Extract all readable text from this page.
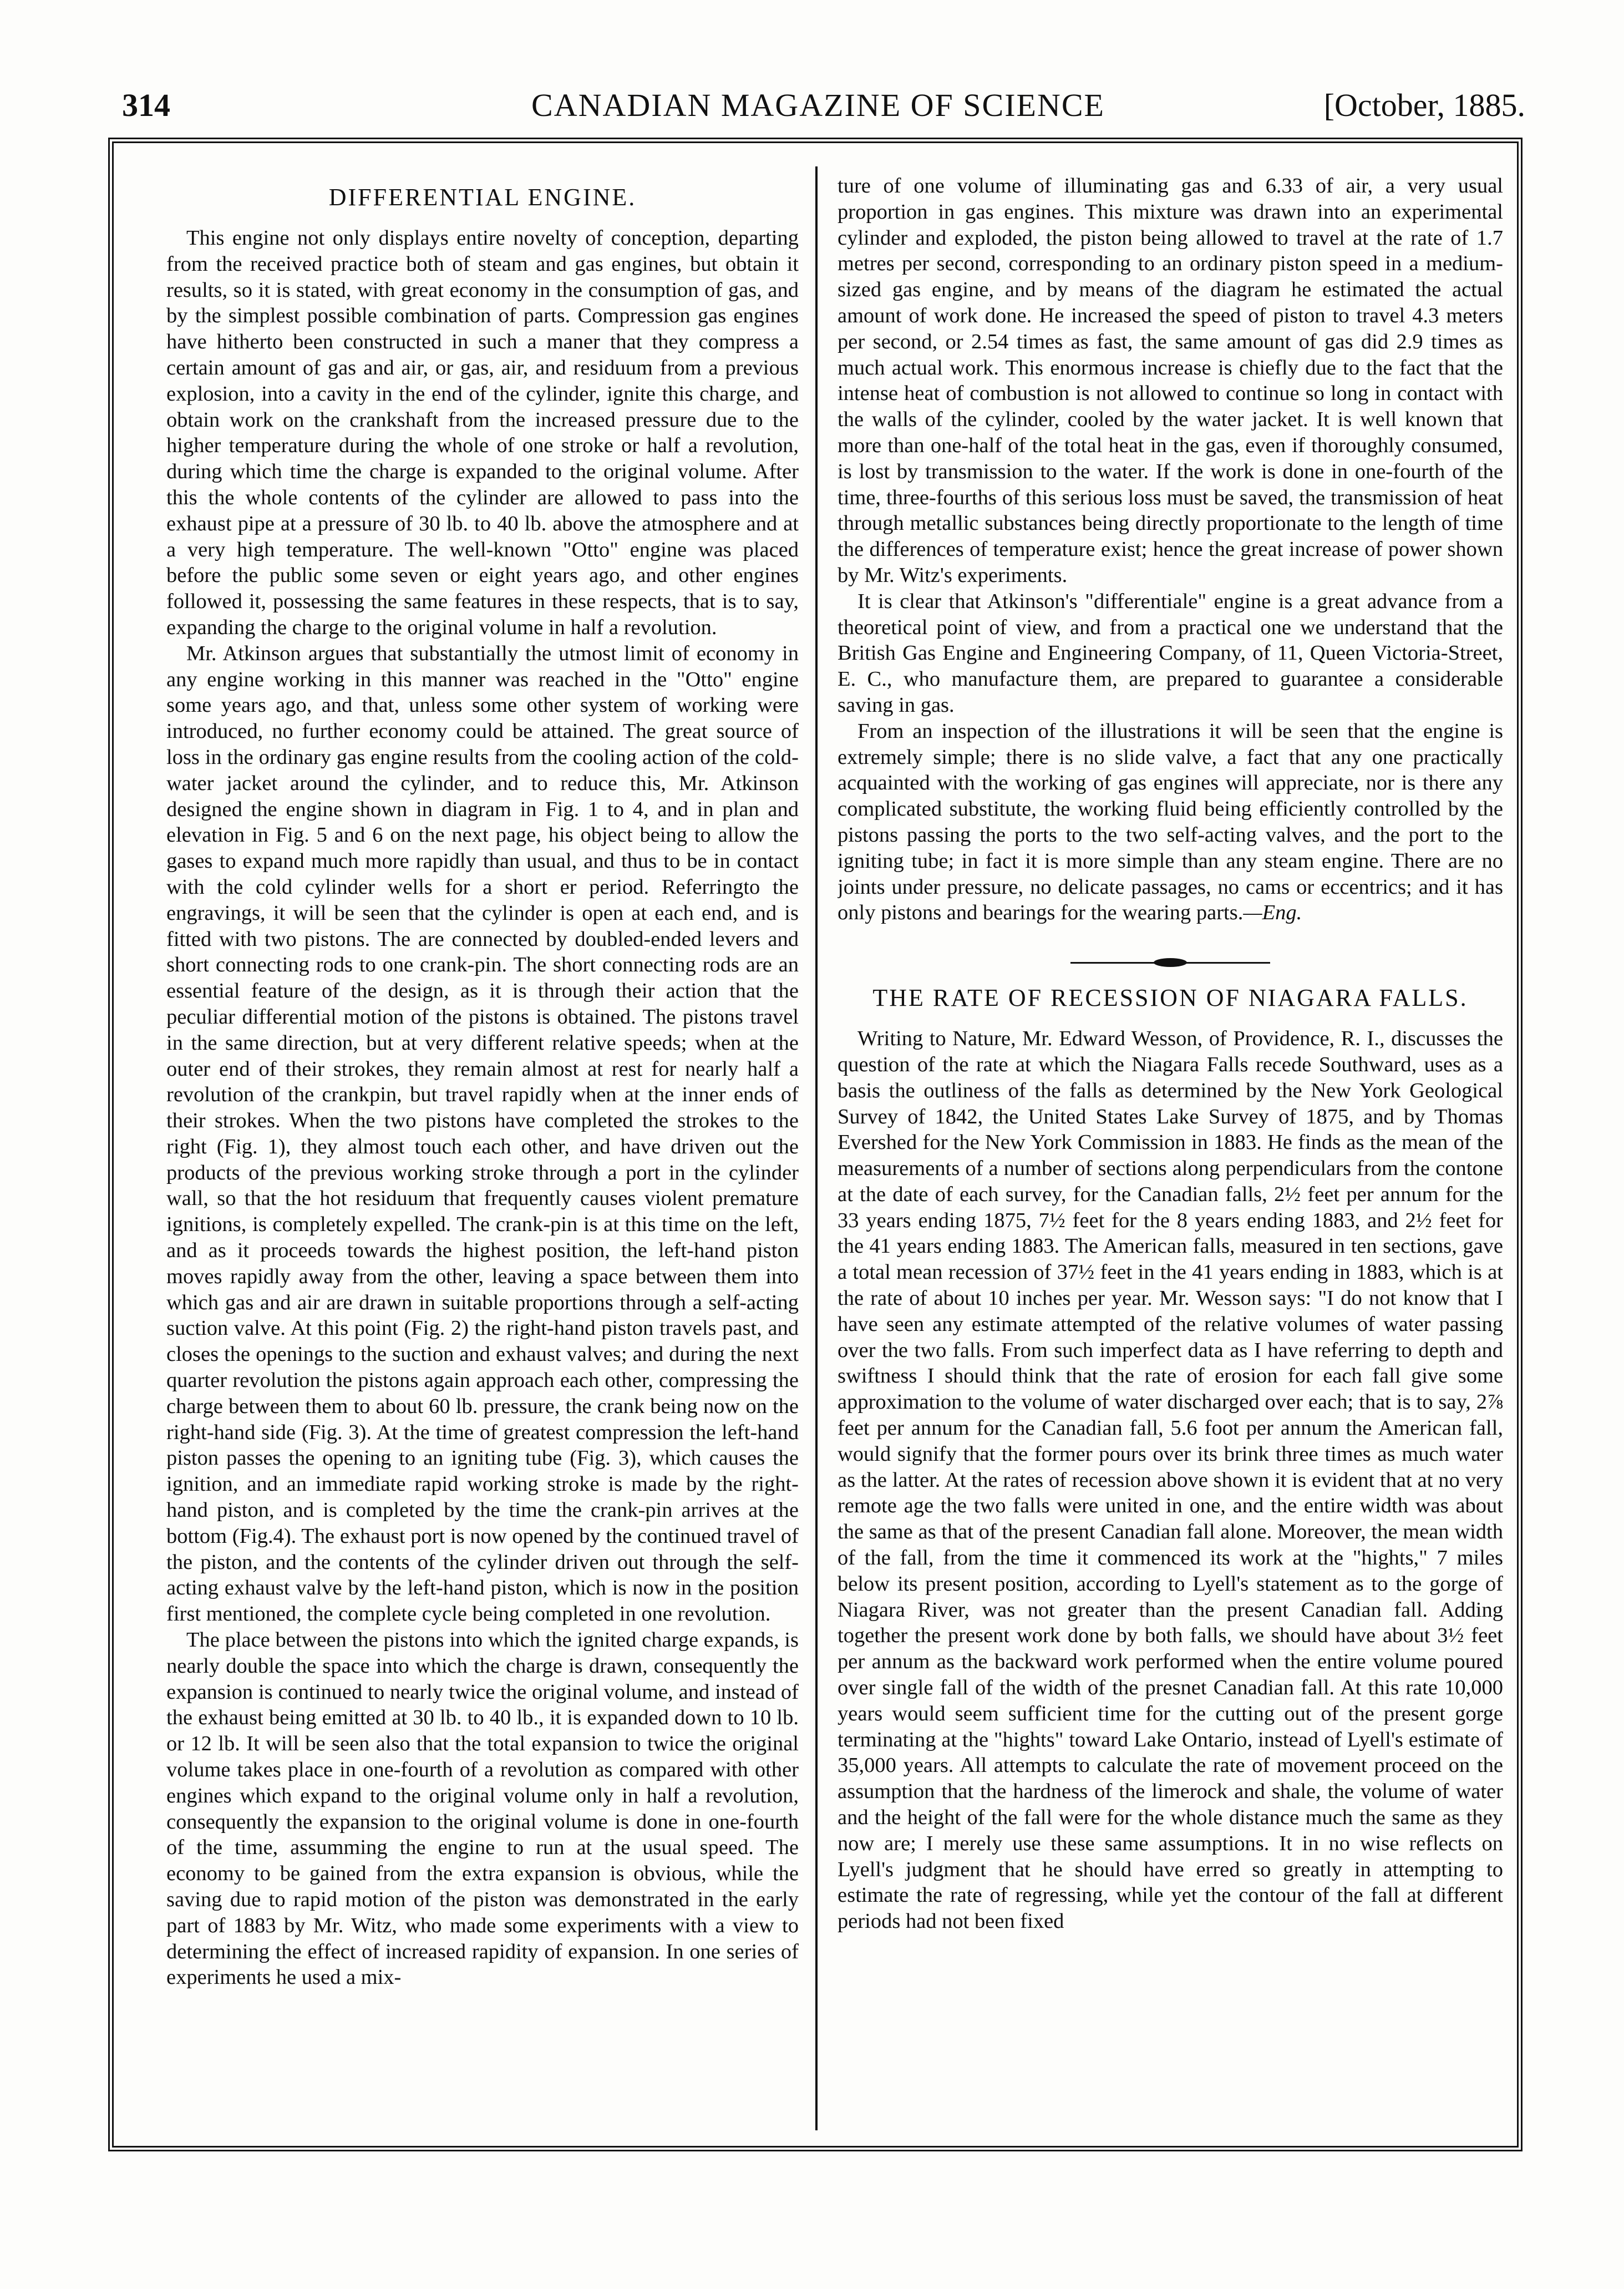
314	CANADIAN MAGAZINE OF SCIENCE	[October, 1885.
DIFFERENTIAL ENGINE.

This engine not only displays entire novelty of conception, departing from the received practice both of steam and gas engines, but obtain it results, so it is stated, with great economy in the consumption of gas, and by the simplest possible combination of parts. Compression gas engines have hitherto been constructed in such a maner that they compress a certain amount of gas and air, or gas, air, and residuum from a previous explosion, into a cavity in the end of the cylinder, ignite this charge, and obtain work on the crankshaft from the increased pressure due to the higher temperature during the whole of one stroke or half a revolution, during which time the charge is expanded to the original volume. After this the whole contents of the cylinder are allowed to pass into the exhaust pipe at a pressure of 30 lb. to 40 lb. above the atmosphere and at a very high temperature. The well-known "Otto" engine was placed before the public some seven or eight years ago, and other engines followed it, possessing the same features in these respects, that is to say, expanding the charge to the original volume in half a revolution.

Mr. Atkinson argues that substantially the utmost limit of economy in any engine working in this manner was reached in the "Otto" engine some years ago, and that, unless some other system of working were introduced, no further economy could be attained. The great source of loss in the ordinary gas engine results from the cooling action of the cold-water jacket around the cylinder, and to reduce this, Mr. Atkinson designed the engine shown in diagram in Fig. 1 to 4, and in plan and elevation in Fig. 5 and 6 on the next page, his object being to allow the gases to expand much more rapidly than usual, and thus to be in contact with the cold cylinder wells for a short er period. Referringto the engravings, it will be seen that the cylinder is open at each end, and is fitted with two pistons. The are connected by doubled-ended levers and short connecting rods to one crank-pin. The short connecting rods are an essential feature of the design, as it is through their action that the peculiar differential motion of the pistons is obtained. The pistons travel in the same direction, but at very different relative speeds; when at the outer end of their strokes, they remain almost at rest for nearly half a revolution of the crankpin, but travel rapidly when at the inner ends of their strokes. When the two pistons have completed the strokes to the right (Fig. 1), they almost touch each other, and have driven out the products of the previous working stroke through a port in the cylinder wall, so that the hot residuum that frequently causes violent premature ignitions, is completely expelled. The crank-pin is at this time on the left, and as it proceeds towards the highest position, the left-hand piston moves rapidly away from the other, leaving a space between them into which gas and air are drawn in suitable proportions through a self-acting suction valve. At this point (Fig. 2) the right-hand piston travels past, and closes the openings to the suction and exhaust valves; and during the next quarter revolution the pistons again approach each other, compressing the charge between them to about 60 lb. pressure, the crank being now on the right-hand side (Fig. 3). At the time of greatest compression the left-hand piston passes the opening to an igniting tube (Fig. 3), which causes the ignition, and an immediate rapid working stroke is made by the right-hand piston, and is completed by the time the crank-pin arrives at the bottom (Fig.4). The exhaust port is now opened by the continued travel of the piston, and the contents of the cylinder driven out through the self-acting exhaust valve by the left-hand piston, which is now in the position first mentioned, the complete cycle being completed in one revolution.

The place between the pistons into which the ignited charge expands, is nearly double the space into which the charge is drawn, consequently the expansion is continued to nearly twice the original volume, and instead of the exhaust being emitted at 30 lb. to 40 lb., it is expanded down to 10 lb. or 12 lb. It will be seen also that the total expansion to twice the original volume takes place in one-fourth of a revolution as compared with other engines which expand to the original volume only in half a revolution, consequently the expansion to the original volume is done in one-fourth of the time, assumming the engine to run at the usual speed. The economy to be gained from the extra expansion is obvious, while the saving due to rapid motion of the piston was demonstrated in the early part of 1883 by Mr. Witz, who made some experiments with a view to determining the effect of increased rapidity of expansion. In one series of experiments he used a mix-

ture of one volume of illuminating gas and 6.33 of air, a very usual proportion in gas engines. This mixture was drawn into an experimental cylinder and exploded, the piston being allowed to travel at the rate of 1.7 metres per second, corresponding to an ordinary piston speed in a medium-sized gas engine, and by means of the diagram he estimated the actual amount of work done. He increased the speed of piston to travel 4.3 meters per second, or 2.54 times as fast, the same amount of gas did 2.9 times as much actual work. This enormous increase is chiefly due to the fact that the intense heat of combustion is not allowed to continue so long in contact with the walls of the cylinder, cooled by the water jacket. It is well known that more than one-half of the total heat in the gas, even if thoroughly consumed, is lost by transmission to the water. If the work is done in one-fourth of the time, three-fourths of this serious loss must be saved, the transmission of heat through metallic substances being directly proportionate to the length of time the differences of temperature exist; hence the great increase of power shown by Mr. Witz's experiments.

It is clear that Atkinson's "differentiale" engine is a great advance from a theoretical point of view, and from a practical one we understand that the British Gas Engine and Engineering Company, of 11, Queen Victoria-Street, E. C., who manufacture them, are prepared to guarantee a considerable saving in gas.

From an inspection of the illustrations it will be seen that the engine is extremely simple; there is no slide valve, a fact that any one practically acquainted with the working of gas engines will appreciate, nor is there any complicated substitute, the working fluid being efficiently controlled by the pistons passing the ports to the two self-acting valves, and the port to the igniting tube; in fact it is more simple than any steam engine. There are no joints under pressure, no delicate passages, no cams or eccentrics; and it has only pistons and bearings for the wearing parts.—Eng.

THE RATE OF RECESSION OF NIAGARA FALLS.

Writing to Nature, Mr. Edward Wesson, of Providence, R. I., discusses the question of the rate at which the Niagara Falls recede Southward, uses as a basis the outliness of the falls as determined by the New York Geological Survey of 1842, the United States Lake Survey of 1875, and by Thomas Evershed for the New York Commission in 1883. He finds as the mean of the measurements of a number of sections along perpendiculars from the contone at the date of each survey, for the Canadian falls, 2½ feet per annum for the 33 years ending 1875, 7½ feet for the 8 years ending 1883, and 2½ feet for the 41 years ending 1883. The American falls, measured in ten sections, gave a total mean recession of 37½ feet in the 41 years ending in 1883, which is at the rate of about 10 inches per year. Mr. Wesson says: "I do not know that I have seen any estimate attempted of the relative volumes of water passing over the two falls. From such imperfect data as I have referring to depth and swiftness I should think that the rate of erosion for each fall give some approximation to the volume of water discharged over each; that is to say, 2⅞ feet per annum for the Canadian fall, 5.6 foot per annum the American fall, would signify that the former pours over its brink three times as much water as the latter. At the rates of recession above shown it is evident that at no very remote age the two falls were united in one, and the entire width was about the same as that of the present Canadian fall alone. Moreover, the mean width of the fall, from the time it commenced its work at the "hights," 7 miles below its present position, according to Lyell's statement as to the gorge of Niagara River, was not greater than the present Canadian fall. Adding together the present work done by both falls, we should have about 3½ feet per annum as the backward work performed when the entire volume poured over single fall of the width of the presnet Canadian fall. At this rate 10,000 years would seem sufficient time for the cutting out of the present gorge terminating at the "hights" toward Lake Ontario, instead of Lyell's estimate of 35,000 years. All attempts to calculate the rate of movement proceed on the assumption that the hardness of the limerock and shale, the volume of water and the height of the fall were for the whole distance much the same as they now are; I merely use these same assumptions. It in no wise reflects on Lyell's judgment that he should have erred so greatly in attempting to estimate the rate of regressing, while yet the contour of the fall at different periods had not been fixed
